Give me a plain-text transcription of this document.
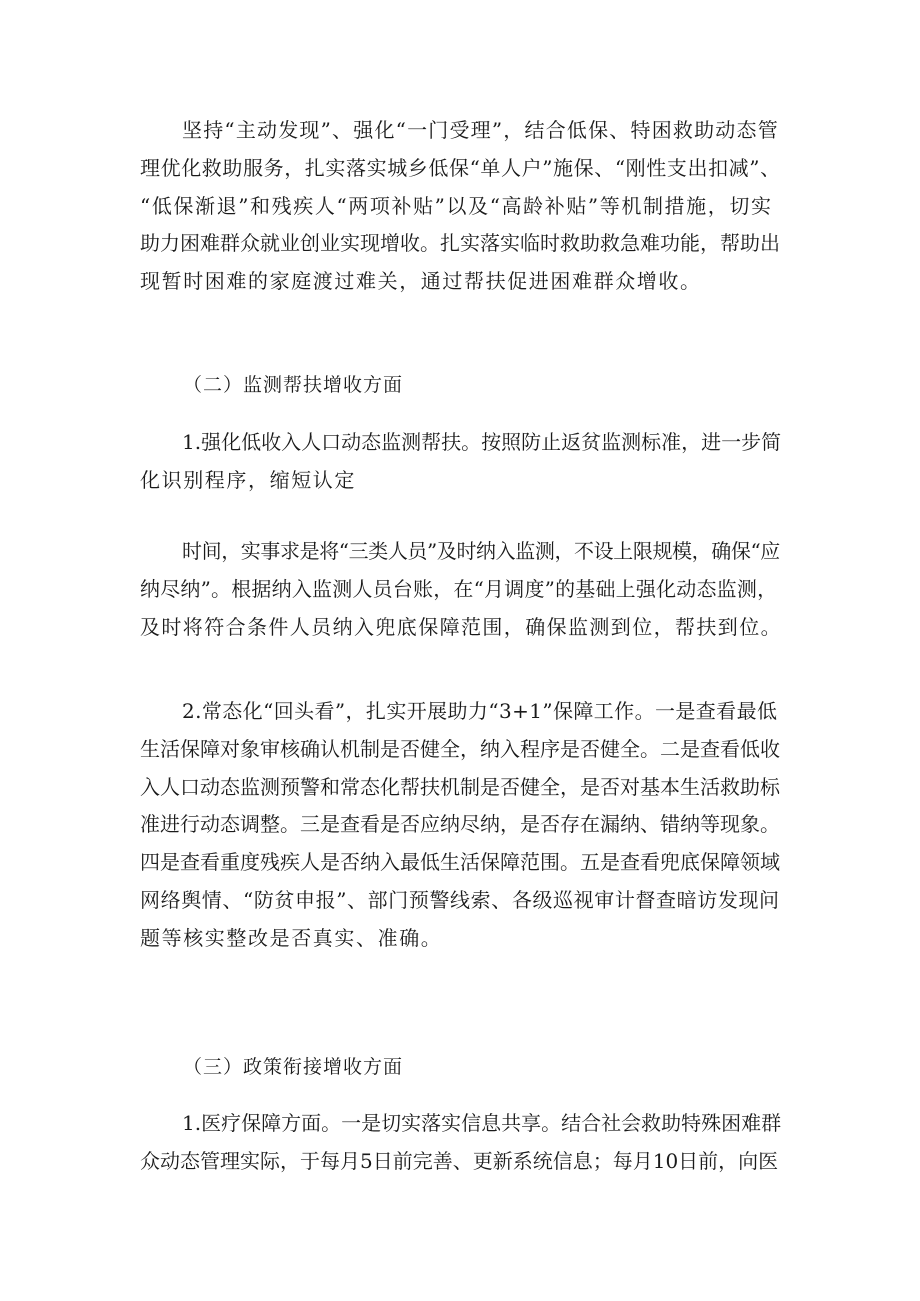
坚持“主动发现”、强化“一门受理”，结合低保、特困救助动态管
理优化救助服务，扎实落实城乡低保“单人户”施保、“刚性支出扣减”、
“低保渐退”和残疾人“两项补贴”以及“高龄补贴”等机制措施，切实
助力困难群众就业创业实现增收。扎实落实临时救助救急难功能，帮助出
现暂时困难的家庭渡过难关，通过帮扶促进困难群众增收。
（二）监测帮扶增收方面
1.强化低收入人口动态监测帮扶。按照防止返贫监测标准，进一步简
化识别程序，缩短认定
时间，实事求是将“三类人员”及时纳入监测，不设上限规模，确保“应
纳尽纳”。根据纳入监测人员台账，在“月调度”的基础上强化动态监测，
及时将符合条件人员纳入兜底保障范围，确保监测到位，帮扶到位。
2.常态化“回头看”，扎实开展助力“3+1”保障工作。一是查看最低
生活保障对象审核确认机制是否健全，纳入程序是否健全。二是查看低收
入人口动态监测预警和常态化帮扶机制是否健全，是否对基本生活救助标
准进行动态调整。三是查看是否应纳尽纳，是否存在漏纳、错纳等现象。
四是查看重度残疾人是否纳入最低生活保障范围。五是查看兜底保障领域
网络舆情、“防贫申报”、部门预警线索、各级巡视审计督查暗访发现问
题等核实整改是否真实、准确。
（三）政策衔接增收方面
1.医疗保障方面。一是切实落实信息共享。结合社会救助特殊困难群
众动态管理实际，于每月5日前完善、更新系统信息；每月10日前，向医
